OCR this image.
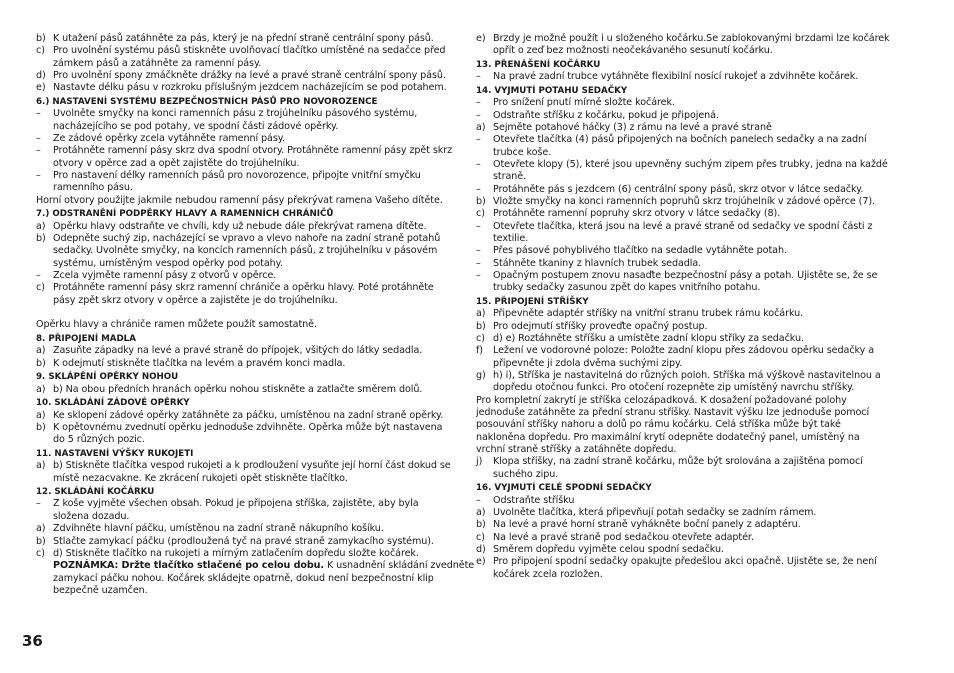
b) K utažení pásů zatáhněte za pás, který je na přední straně centrální spony pásů.
c) Pro uvolnění systému pásů stiskněte uvolňovací tlačítko umístěné na sedačce před
zámkem pásů a zatáhněte za ramenní pásy.
d) Pro uvolnění spony zmáčkněte drážky na levé a pravé straně centrální spony pásů.
e) Nastavte délku pásu v rozkroku příslušným jezdcem nacházejícím se pod potahem.
6.) NASTAVENÍ SYSTÉMU BEZPEČNOSTNÍCH PÁSŮ PRO NOVOROZENCE
–	Uvolněte smyčky na konci ramenních pásu z trojúhelníku pásového systému,
nacházejícího se pod potahy, ve spodní části zádové opěrky.
–	Ze zádové opěrky zcela vytáhněte ramenní pásy.
–	Protáhněte ramenní pásy skrz dva spodní otvory. Protáhněte ramenní pásy zpět skrz
otvory v opěrce zad a opět zajistěte do trojúhelníku.
–	Pro nastavení délky ramenních pásů pro novorozence, připojte vnitřní smyčku
ramenního pásu.
Horní otvory použijte jakmile nebudou ramenní pásy překrývat ramena Vašeho dítěte.
7.) ODSTRANĚNÍ PODPĚRKY HLAVY A RAMENNÍCH CHRÁNIČŮ
a) Opěrku hlavy odstraňte ve chvíli, kdy už nebude dále překrývat ramena dítěte.
b) Odepněte suchý zip, nacházející se vpravo a vlevo nahoře na zadní straně potahů
sedačky. Uvolněte smyčky, na koncích ramenních pásů, z trojúhelníku v pásovém
systému, umístěným vespod opěrky pod potahy.
–	Zcela vyjměte ramenní pásy z otvorů v opěrce.
c) Protáhněte ramenní pásy skrz ramenní chrániče a opěrku hlavy. Poté protáhněte
pásy zpět skrz otvory v opěrce a zajistěte je do trojúhelníku.
Opěrku hlavy a chrániče ramen můžete použít samostatně.
8. PŘIPOJENÍ MADLA
a) Zasuňte západky na levé a pravé straně do přípojek, všitých do látky sedadla.
b) K odejmutí stiskněte tlačítka na levém a pravém konci madla.
9. SKLÁPĚNÍ OPĚRKY NOHOU
a) b) Na obou předních hranách opěrku nohou stiskněte a zatlačte směrem dolů.
10. SKLÁDÁNÍ ZÁDOVÉ OPĚRKY
a) Ke sklopení zádové opěrky zatáhněte za páčku, umístěnou na zadní straně opěrky.
b) K opětovnému zvednutí opěrku jednoduše zdvihněte. Opěrka může být nastavena
do 5 různých pozic.
11. NASTAVENÍ VÝŠKY RUKOJETI
a) b) Stiskněte tlačítka vespod rukojeti a k prodloužení vysuňte její horní část dokud se
místě nezacvakne. Ke zkrácení rukojeti opět stiskněte tlačítko.
12. SKLÁDÁNÍ KOČÁRKU
–	Z koše vyjměte všechen obsah. Pokud je připojena stříška, zajistěte, aby byla
složena dozadu.
a) Zdvihněte hlavní páčku, umístěnou na zadní straně nákupního košíku.
b) Stlačte zamykací páčku (prodloužená tyč na pravé straně zamykacího systému).
c) d) Stiskněte tlačítko na rukojeti a mírným zatlačením dopředu složte kočárek.
POZNÁMKA: Držte tlačítko stlačené po celou dobu. K usnadnění skládání zvedněte
zamykací páčku nohou. Kočárek skládejte opatrně, dokud není bezpečnostní klip
bezpečně uzamčen.
e) Brzdy je možné použít i u složeného kočárku.Se zablokovanými brzdami lze kočárek
opřít o zeď bez možnosti neočekávaného sesunutí kočárku.
13. PŘENÁŠENÍ KOČÁRKU
–	Na pravé zadní trubce vytáhněte flexibilní nosící rukojeť a zdvihněte kočárek.
14. VYJMUTÍ POTAHU SEDAČKY
–	Pro snížení pnutí mírně složte kočárek.
–	Odstraňte stříšku z kočárku, pokud je připojená.
a) Sejměte potahové háčky (3) z rámu na levé a pravé straně
–	Otevřete tlačítka (4) pásů připojených na bočních panelech sedačky a na zadní
trubce koše.
–	Otevřete klopy (5), které jsou upevněny suchým zipem přes trubky, jedna na každé
straně.
–	Protáhněte pás s jezdcem (6) centrální spony pásů, skrz otvor v látce sedačky.
b) Vložte smyčky na konci ramenních popruhů skrz trojúhelník v zádové opěrce (7).
c) Protáhněte ramenní popruhy skrz otvory v látce sedačky (8).
–	Otevřete tlačítka, která jsou na levé a pravé straně od sedačky ve spodní části z
textilie.
–	Přes pásové pohyblivého tlačítko na sedadle vytáhněte potah.
–	Stáhněte tkaniny z hlavních trubek sedadla.
–	Opačným postupem znovu nasaďte bezpečnostní pásy a potah. Ujistěte se, že se
trubky sedačky zasunou zpět do kapes vnitřního potahu.
15. PŘIPOJENÍ STŘÍŠKY
a) Připevněte adaptér stříšky na vnitřní stranu trubek rámu kočárku.
b) Pro odejmutí stříšky proveďte opačný postup.
c) d) e) Roztáhněte stříšku a umístěte zadní klopu stříky za sedačku.
f)	Ležení ve vodorovné poloze: Položte zadní klopu přes zádovou opěrku sedačky a
připevněte ji zdola dvěma suchými zipy.
g) h) i), Stříška je nastavitelná do různých poloh. Stříška má výškově nastavitelnou a
dopředu otočnou funkci. Pro otočení rozepněte zip umístěný navrchu stříšky.
Pro kompletní zakrytí je stříška celozápadková. K dosažení požadované polohy
jednoduše zatáhněte za přední stranu stříšky. Nastavit výšku lze jednoduše pomocí
posouvání stříšky nahoru a dolů po rámu kočárku. Celá stříška může být také
nakloněna dopředu. Pro maximální krytí odepněte dodatečný panel, umístěný na
vrchní straně stříšky a zatáhněte dopředu.
j)	Klopa stříšky, na zadní straně kočárku, může být srolována a zajištěna pomocí
suchého zipu.
16. VYJMUTÍ CELÉ SPODNÍ SEDAČKY
–	Odstraňte stříšku
a) Uvolněte tlačítka, která připevňují potah sedačky se zadním rámem.
b) Na levé a pravé horní straně vyhákněte boční panely z adaptéru.
c) Na levé a pravé straně pod sedačkou otevřete adaptér.
d) Směrem dopředu vyjměte celou spodní sedačku.
e) Pro připojení spodní sedačky opakujte předešlou akci opačně. Ujistěte se, že není
kočárek zcela rozložen.
36
